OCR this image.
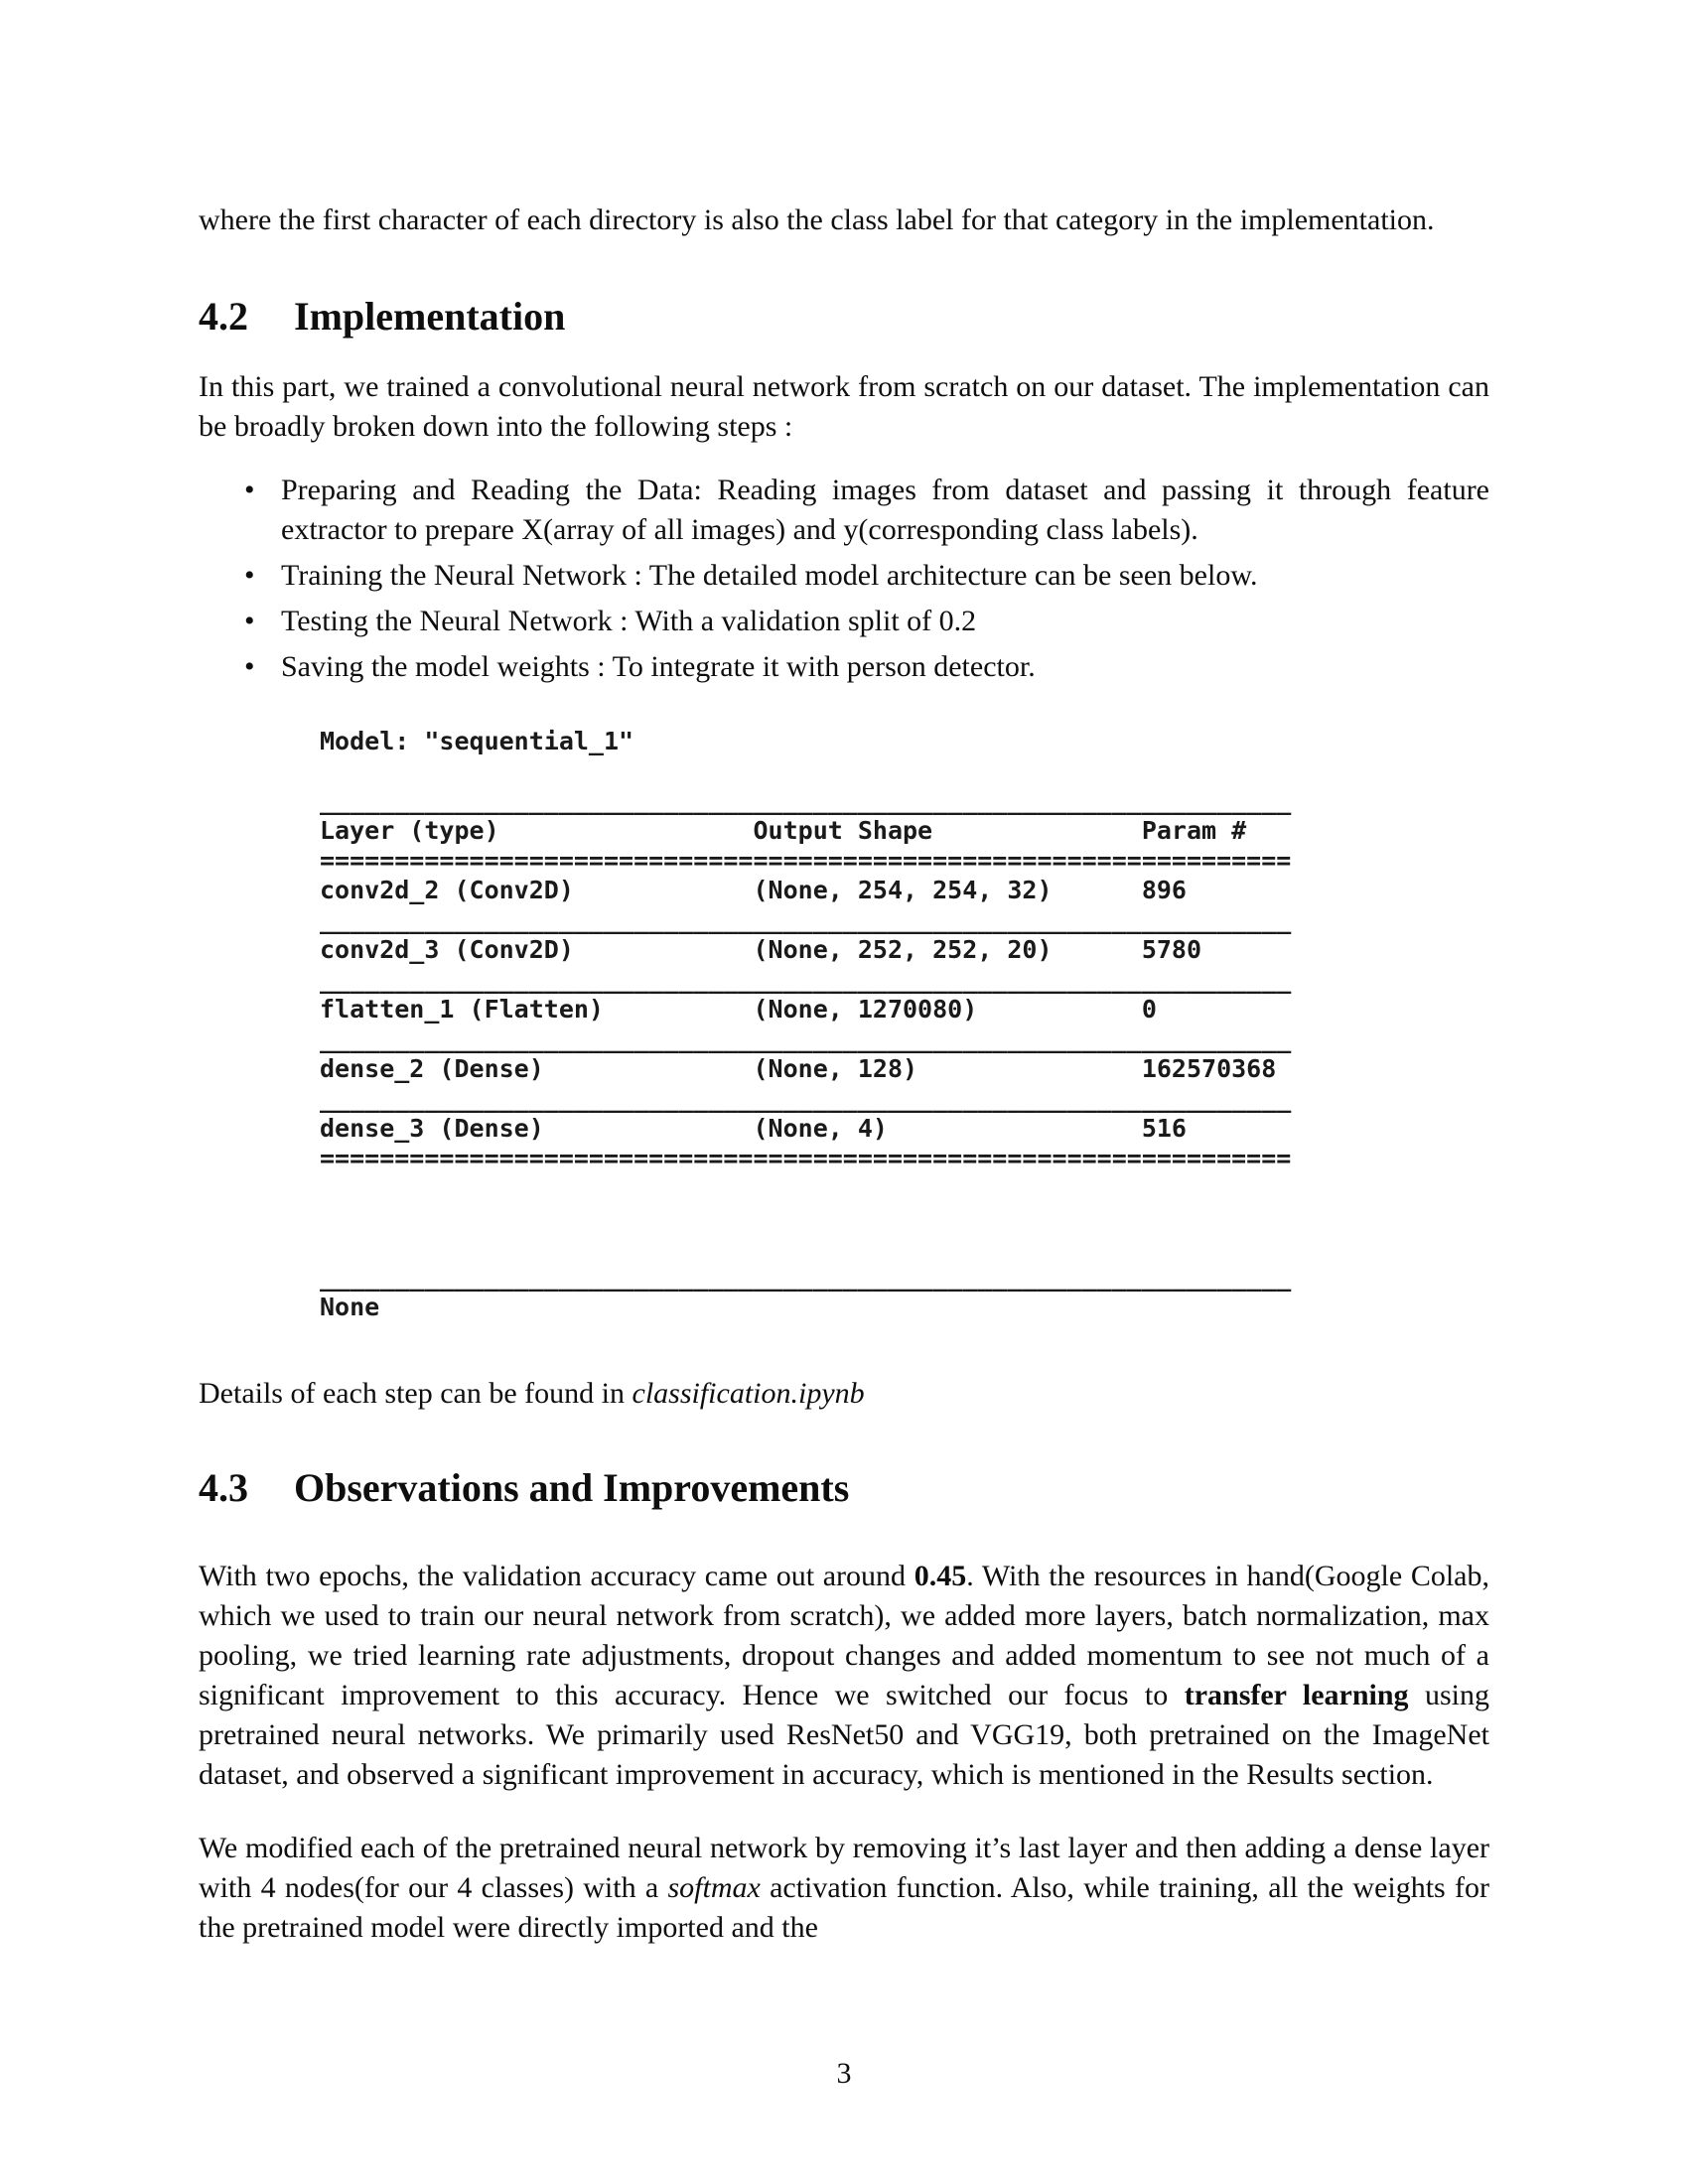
where the first character of each directory is also the class label for that category in the implementation.

4.2 Implementation

In this part, we trained a convolutional neural network from scratch on our dataset. The implementation can be broadly broken down into the following steps :

• Preparing and Reading the Data: Reading images from dataset and passing it through feature extractor to prepare X(array of all images) and y(corresponding class labels).
• Training the Neural Network : The detailed model architecture can be seen below.
• Testing the Neural Network : With a validation split of 0.2
• Saving the model weights : To integrate it with person detector.
Model: "sequential_1"

_________________________________________________________________
Layer (type)	Output Shape	Param #
=================================================================
conv2d_2 (Conv2D)	(None, 254, 254, 32)	896
_________________________________________________________________
conv2d_3 (Conv2D)	(None, 252, 252, 20)	5780
_________________________________________________________________
flatten_1 (Flatten)	(None, 1270080)	0
_________________________________________________________________
dense_2 (Dense)	(None, 128)	162570368
_________________________________________________________________
dense_3 (Dense)	(None, 4)	516
=================================================================
_________________________________________________________________
None

Details of each step can be found in classification.ipynb

4.3 Observations and Improvements

With two epochs, the validation accuracy came out around 0.45. With the resources in hand(Google Colab, which we used to train our neural network from scratch), we added more layers, batch normalization, max pooling, we tried learning rate adjustments, dropout changes and added momentum to see not much of a significant improvement to this accuracy. Hence we switched our focus to transfer learning using pretrained neural networks. We primarily used ResNet50 and VGG19, both pretrained on the ImageNet dataset, and observed a significant improvement in accuracy, which is mentioned in the Results section.

We modified each of the pretrained neural network by removing it’s last layer and then adding a dense layer with 4 nodes(for our 4 classes) with a softmax activation function. Also, while training, all the weights for the pretrained model were directly imported and the

3
